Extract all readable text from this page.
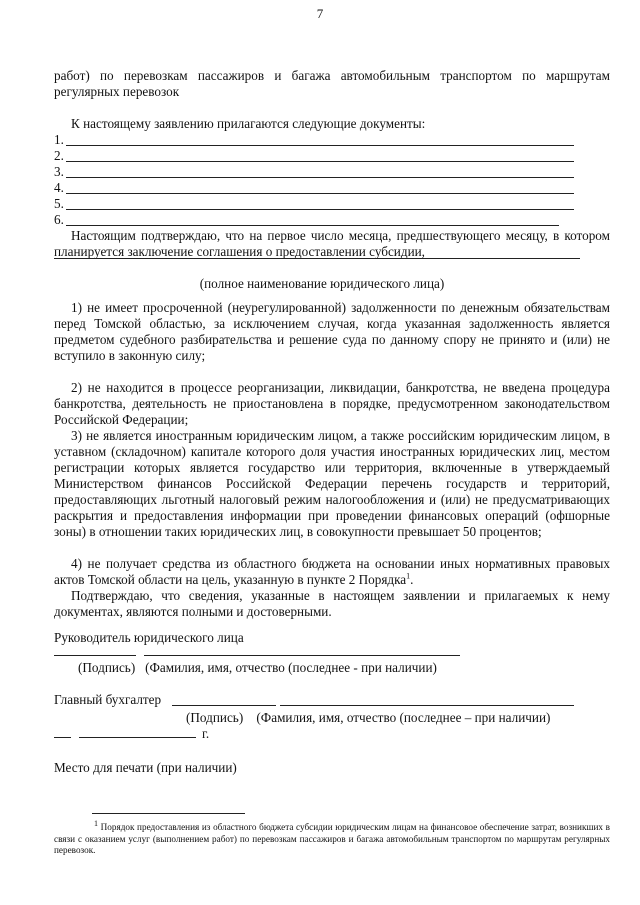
7
работ) по перевозкам пассажиров и багажа автомобильным транспортом по маршрутам регулярных перевозок
К настоящему заявлению прилагаются следующие документы:
1.
2.
3.
4.
5.
6.
Настоящим подтверждаю, что на первое число месяца, предшествующего месяцу, в котором планируется заключение соглашения о предоставлении субсидии,
(полное наименование юридического лица)
1) не имеет просроченной (неурегулированной) задолженности по денежным обязательствам перед Томской областью, за исключением случая, когда указанная задолженность является предметом судебного разбирательства и решение суда по данному спору не принято и (или) не вступило в законную силу;
2) не находится в процессе реорганизации, ликвидации, банкротства, не введена процедура банкротства, деятельность не приостановлена в порядке, предусмотренном законодательством Российской Федерации;
3) не является иностранным юридическим лицом, а также российским юридическим лицом, в уставном (складочном) капитале которого доля участия иностранных юридических лиц, местом регистрации которых является государство или территория, включенные в утверждаемый Министерством финансов Российской Федерации перечень государств и территорий, предоставляющих льготный налоговый режим налогообложения и (или) не предусматривающих раскрытия и предоставления информации при проведении финансовых операций (офшорные зоны) в отношении таких юридических лиц, в совокупности превышает 50 процентов;
4) не получает средства из областного бюджета на основании иных нормативных правовых актов Томской области на цель, указанную в пункте 2 Порядка$^1$.
Подтверждаю, что сведения, указанные в настоящем заявлении и прилагаемых к нему документах, являются полными и достоверными.
Руководитель юридического лица
(Подпись)   (Фамилия, имя, отчество (последнее - при наличии)
Главный бухгалтер
(Подпись)    (Фамилия, имя, отчество (последнее – при наличии)
г.
Место для печати (при наличии)
$^1$ Порядок предоставления из областного бюджета субсидии юридическим лицам на финансовое обеспечение затрат, возникших в связи с оказанием услуг (выполнением работ) по перевозкам пассажиров и багажа автомобильным транспортом по маршрутам регулярных перевозок.
